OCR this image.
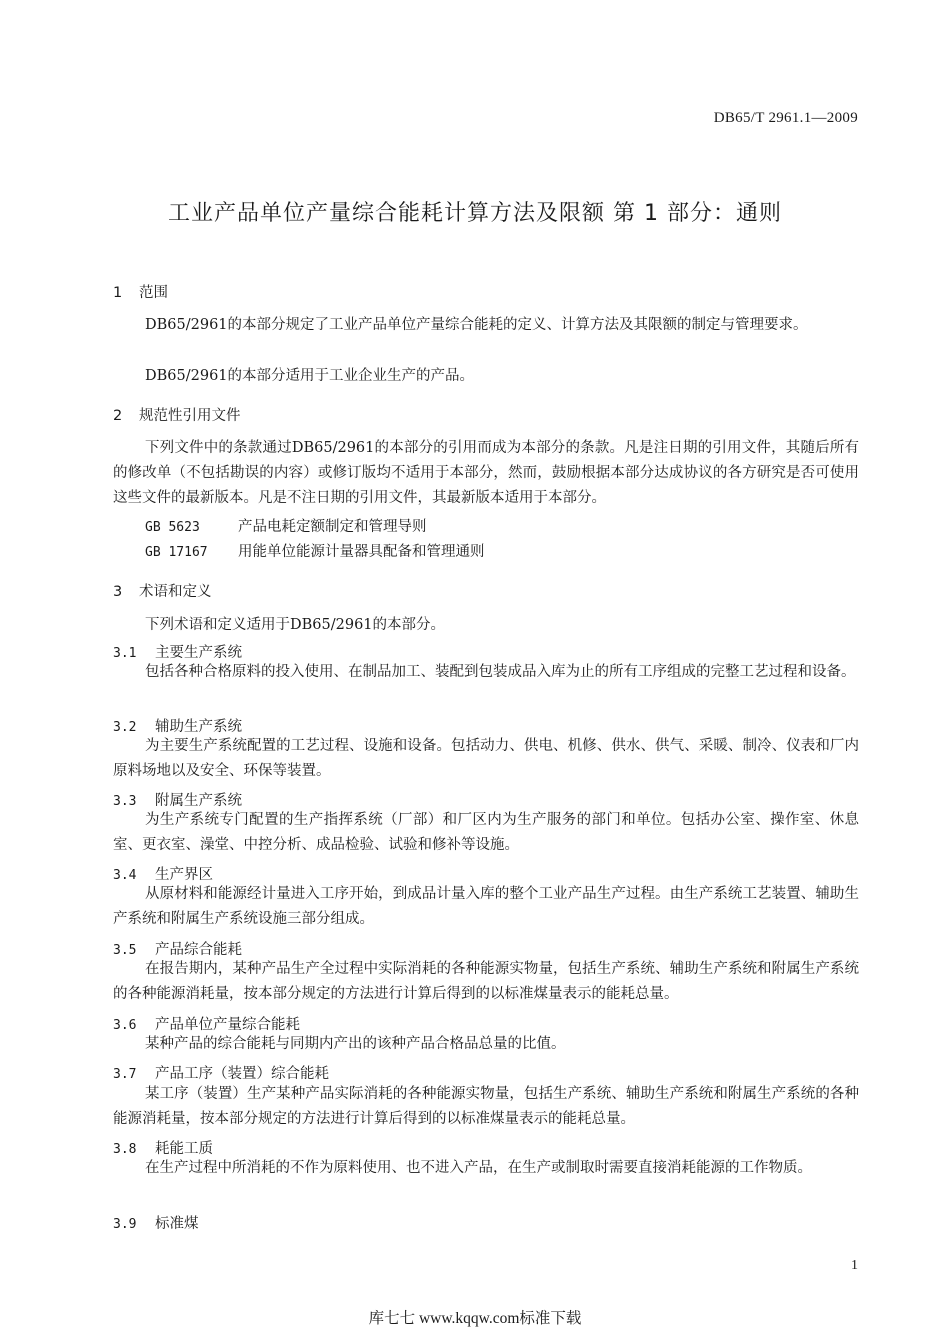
DB65/T 2961.1—2009
工业产品单位产量综合能耗计算方法及限额 第 1 部分：通则
1 范围

DB65/2961的本部分规定了工业产品单位产量综合能耗的定义、计算方法及其限额的制定与管理要求。

DB65/2961的本部分适用于工业企业生产的产品。

2 规范性引用文件

下列文件中的条款通过DB65/2961的本部分的引用而成为本部分的条款。凡是注日期的引用文件，其随后所有的修改单（不包括勘误的内容）或修订版均不适用于本部分，然而，鼓励根据本部分达成协议的各方研究是否可使用这些文件的最新版本。凡是不注日期的引用文件，其最新版本适用于本部分。

GB 5623	产品电耗定额制定和管理导则
GB 17167 用能单位能源计量器具配备和管理通则
3 术语和定义

下列术语和定义适用于DB65/2961的本部分。

3.1 主要生产系统

包括各种合格原料的投入使用、在制品加工、装配到包装成品入库为止的所有工序组成的完整工艺过程和设备。

3.2 辅助生产系统

为主要生产系统配置的工艺过程、设施和设备。包括动力、供电、机修、供水、供气、采暖、制冷、仪表和厂内原料场地以及安全、环保等装置。

3.3 附属生产系统

为生产系统专门配置的生产指挥系统（厂部）和厂区内为生产服务的部门和单位。包括办公室、操作室、休息室、更衣室、澡堂、中控分析、成品检验、试验和修补等设施。

3.4 生产界区

从原材料和能源经计量进入工序开始，到成品计量入库的整个工业产品生产过程。由生产系统工艺装置、辅助生产系统和附属生产系统设施三部分组成。

3.5 产品综合能耗

在报告期内，某种产品生产全过程中实际消耗的各种能源实物量，包括生产系统、辅助生产系统和附属生产系统的各种能源消耗量，按本部分规定的方法进行计算后得到的以标准煤量表示的能耗总量。

3.6 产品单位产量综合能耗

某种产品的综合能耗与同期内产出的该种产品合格品总量的比值。

3.7 产品工序（装置）综合能耗

某工序（装置）生产某种产品实际消耗的各种能源实物量，包括生产系统、辅助生产系统和附属生产系统的各种能源消耗量，按本部分规定的方法进行计算后得到的以标准煤量表示的能耗总量。

3.8 耗能工质

在生产过程中所消耗的不作为原料使用、也不进入产品，在生产或制取时需要直接消耗能源的工作物质。

3.9 标准煤
1
库七七 www.kqqw.com标准下载
